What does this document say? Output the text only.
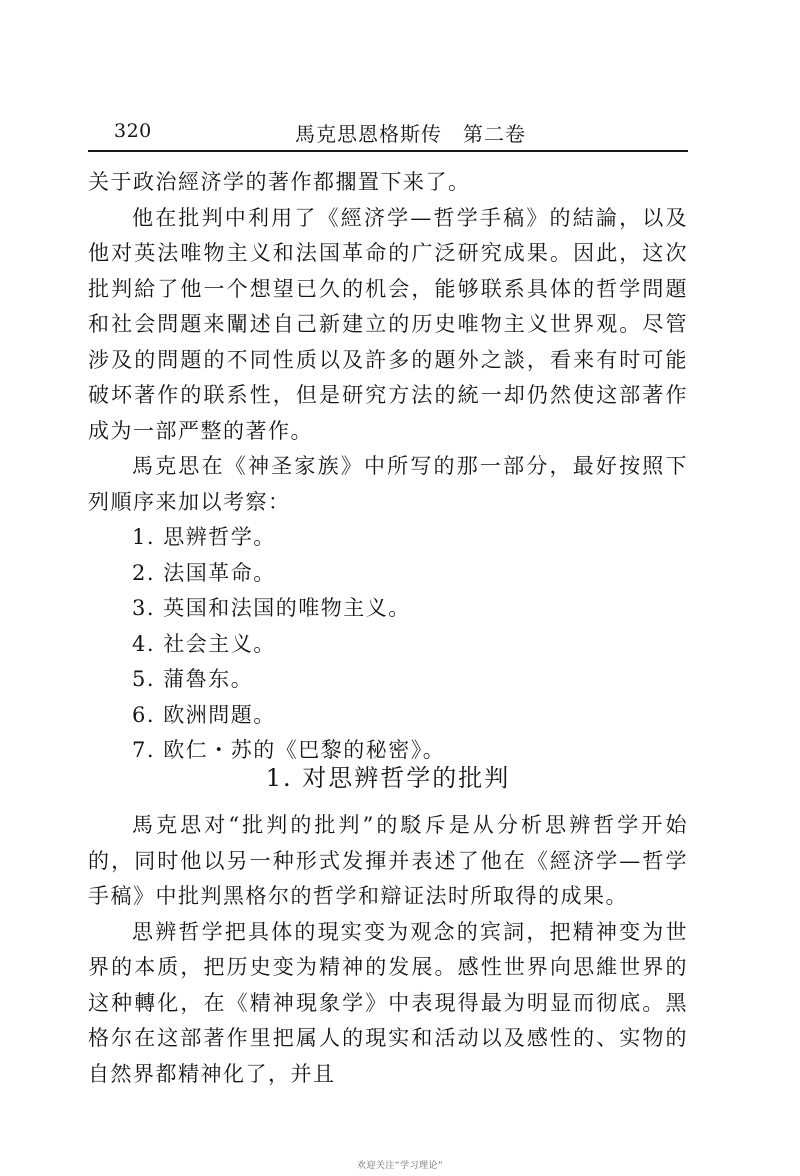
320	馬克思恩格斯传　第二卷

关于政治經济学的著作都擱置下来了。

他在批判中利用了《經济学—哲学手稿》的結論，以及他对英法唯物主义和法国革命的广泛研究成果。因此，这次批判給了他一个想望已久的机会，能够联系具体的哲学問題和社会問題来闡述自己新建立的历史唯物主义世界观。尽管涉及的問題的不同性质以及許多的題外之談，看来有时可能破坏著作的联系性，但是研究方法的統一却仍然使这部著作成为一部严整的著作。

馬克思在《神圣家族》中所写的那一部分，最好按照下列順序来加以考察：

1. 思辨哲学。
2. 法国革命。
3. 英国和法国的唯物主义。
4. 社会主义。
5. 蒲魯东。
6. 欧洲問題。
7. 欧仁・苏的《巴黎的秘密》。
1. 对思辨哲学的批判

馬克思对“批判的批判”的駁斥是从分析思辨哲学开始的，同时他以另一种形式发揮并表述了他在《經济学—哲学手稿》中批判黑格尔的哲学和辯证法时所取得的成果。

思辨哲学把具体的現实变为观念的宾詞，把精神变为世界的本质，把历史变为精神的发展。感性世界向思維世界的这种轉化，在《精神現象学》中表現得最为明显而彻底。黑格尔在这部著作里把属人的現实和活动以及感性的、实物的自然界都精神化了，并且

欢迎关注“学习理论”
